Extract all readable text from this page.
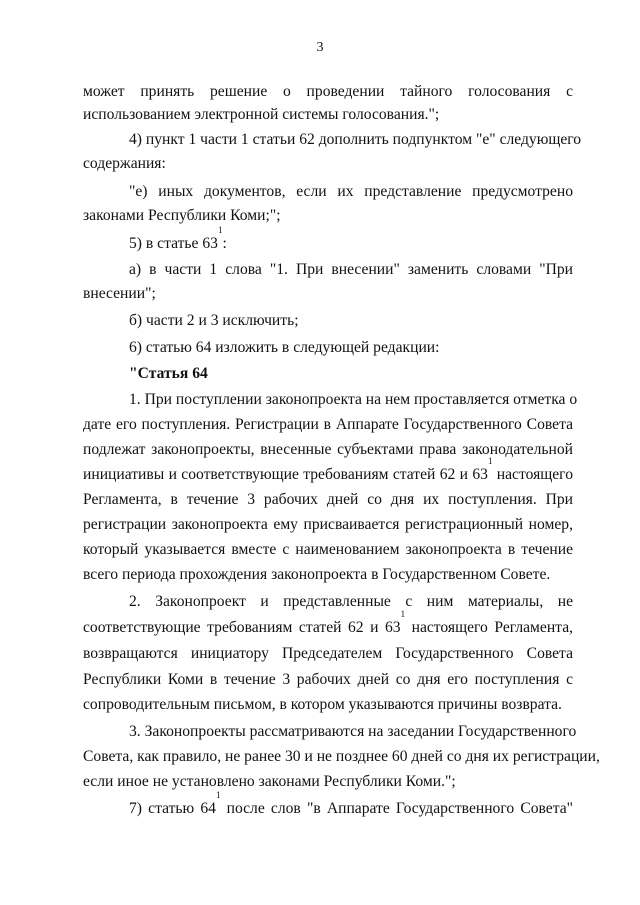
3
может принять решение о проведении тайного голосования с
использованием электронной системы голосования.";
4) пункт 1 части 1 статьи 62 дополнить подпунктом "е" следующего
содержания:
"е) иных документов, если их представление предусмотрено
законами Республики Коми;";
5) в статье $63^1$:
а) в части 1 слова "1. При внесении" заменить словами "При
внесении";
б) части 2 и 3 исключить;
6) статью 64 изложить в следующей редакции:
"Статья 64
1. При поступлении законопроекта на нем проставляется отметка о
дате его поступления. Регистрации в Аппарате Государственного Совета
подлежат законопроекты, внесенные субъектами права законодательной
инициативы и соответствующие требованиям статей 62 и $63^1$ настоящего
Регламента, в течение 3 рабочих дней со дня их поступления. При
регистрации законопроекта ему присваивается регистрационный номер,
который указывается вместе с наименованием законопроекта в течение
всего периода прохождения законопроекта в Государственном Совете.
2. Законопроект и представленные с ним материалы, не
соответствующие требованиям статей 62 и $63^1$ настоящего Регламента,
возвращаются инициатору Председателем Государственного Совета
Республики Коми в течение 3 рабочих дней со дня его поступления с
сопроводительным письмом, в котором указываются причины возврата.
3. Законопроекты рассматриваются на заседании Государственного
Совета, как правило, не ранее 30 и не позднее 60 дней со дня их регистрации,
если иное не установлено законами Республики Коми.";
7) статью $64^1$ после слов "в Аппарате Государственного Совета"
